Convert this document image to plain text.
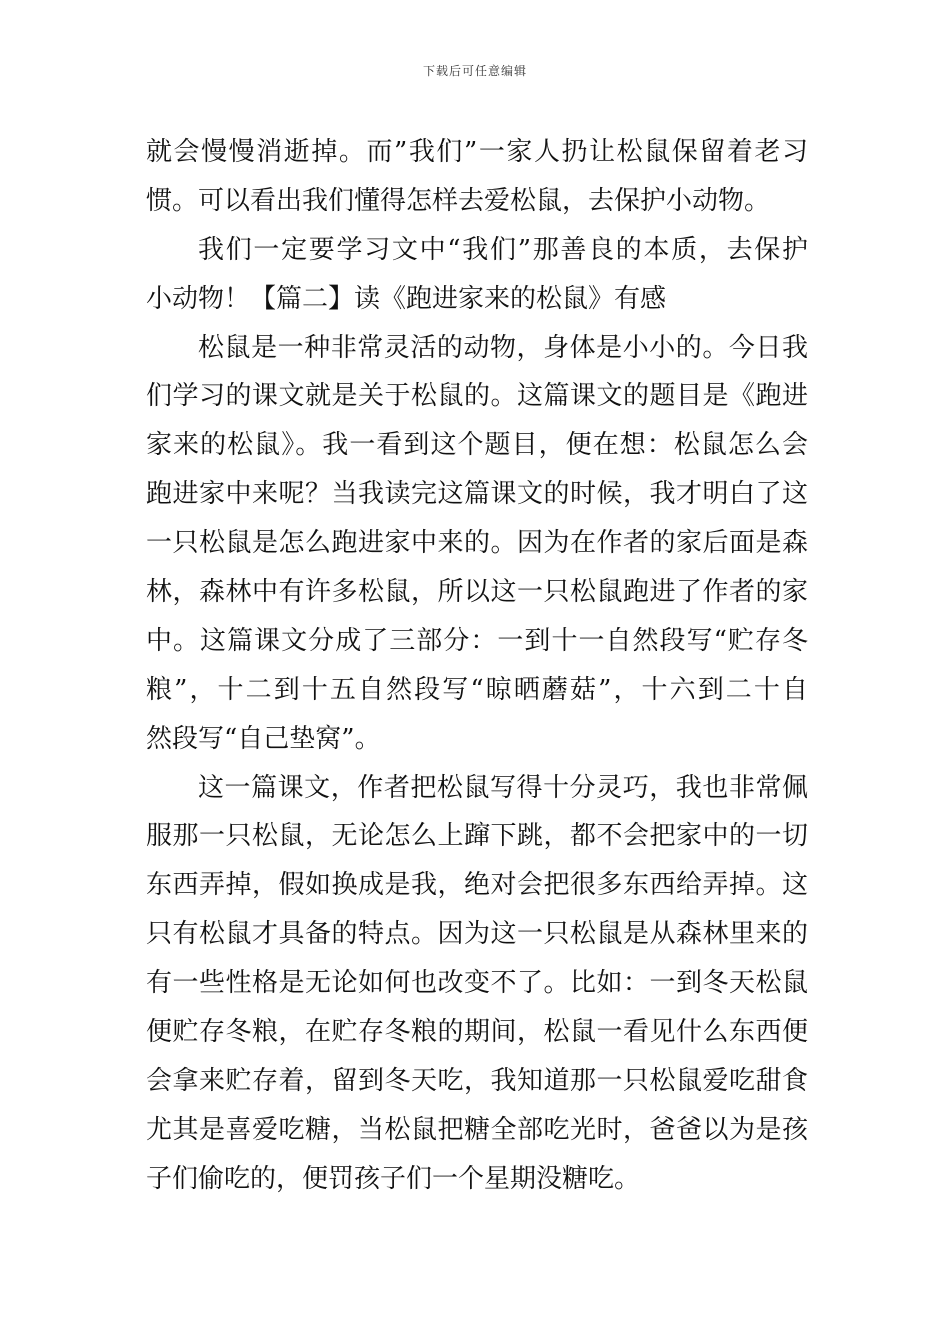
下载后可任意编辑
就会慢慢消逝掉。而”我们”一家人扔让松鼠保留着老习
惯。可以看出我们懂得怎样去爱松鼠，去保护小动物。
我们一定要学习文中“我们”那善良的本质，去保护
小动物！【篇二】读《跑进家来的松鼠》有感
松鼠是一种非常灵活的动物，身体是小小的。今日我
们学习的课文就是关于松鼠的。这篇课文的题目是《跑进
家来的松鼠》。我一看到这个题目，便在想：松鼠怎么会
跑进家中来呢？当我读完这篇课文的时候，我才明白了这
一只松鼠是怎么跑进家中来的。因为在作者的家后面是森
林，森林中有许多松鼠，所以这一只松鼠跑进了作者的家
中。这篇课文分成了三部分：一到十一自然段写“贮存冬
粮”，十二到十五自然段写“晾晒蘑菇”，十六到二十自
然段写“自己垫窝”。
这一篇课文，作者把松鼠写得十分灵巧，我也非常佩
服那一只松鼠，无论怎么上蹿下跳，都不会把家中的一切
东西弄掉，假如换成是我，绝对会把很多东西给弄掉。这
只有松鼠才具备的特点。因为这一只松鼠是从森林里来的
有一些性格是无论如何也改变不了。比如：一到冬天松鼠
便贮存冬粮，在贮存冬粮的期间，松鼠一看见什么东西便
会拿来贮存着，留到冬天吃，我知道那一只松鼠爱吃甜食
尤其是喜爱吃糖，当松鼠把糖全部吃光时，爸爸以为是孩
子们偷吃的，便罚孩子们一个星期没糖吃。
